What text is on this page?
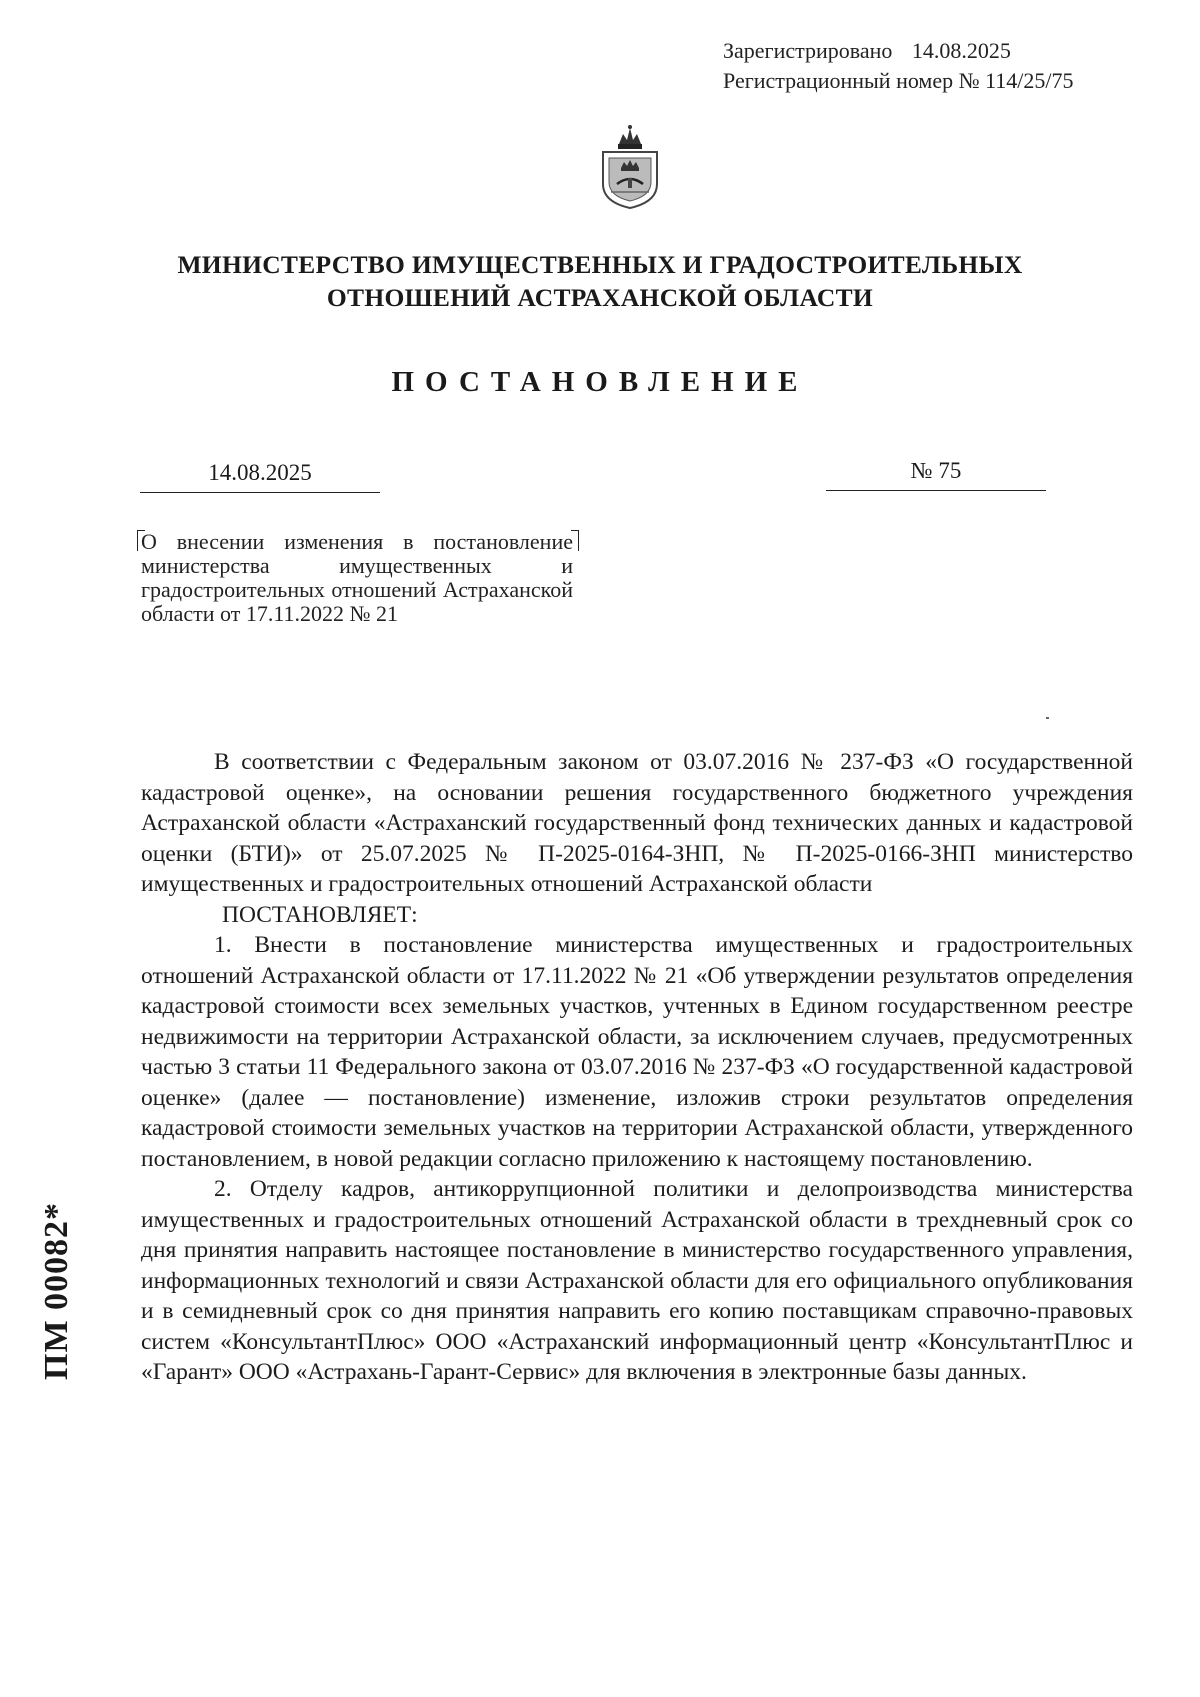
Зарегистрировано 14.08.2025
Регистрационный номер № 114/25/75
МИНИСТЕРСТВО ИМУЩЕСТВЕННЫХ И ГРАДОСТРОИТЕЛЬНЫХ
ОТНОШЕНИЙ АСТРАХАНСКОЙ ОБЛАСТИ
ПОСТАНОВЛЕНИЕ
14.08.2025	№ 75
О внесении изменения в постановление министерства имущественных и градостроительных отношений Астраханской области от 17.11.2022 № 21

В соответствии с Федеральным законом от 03.07.2016 № 237-ФЗ «О государственной кадастровой оценке», на основании решения государственного бюджетного учреждения Астраханской области «Астраханский государственный фонд технических данных и кадастровой оценки (БТИ)» от 25.07.2025 № П-2025-0164-ЗНП, № П-2025-0166-ЗНП министерство имущественных и градостроительных отношений Астраханской области

ПОСТАНОВЛЯЕТ:

1. Внести в постановление министерства имущественных и градостроительных отношений Астраханской области от 17.11.2022 № 21 «Об утверждении результатов определения кадастровой стоимости всех земельных участков, учтенных в Едином государственном реестре недвижимости на территории Астраханской области, за исключением случаев, предусмотренных частью 3 статьи 11 Федерального закона от 03.07.2016 № 237-ФЗ «О государственной кадастровой оценке» (далее — постановление) изменение, изложив строки результатов определения кадастровой стоимости земельных участков на территории Астраханской области, утвержденного постановлением, в новой редакции согласно приложению к настоящему постановлению.

2. Отделу кадров, антикоррупционной политики и делопроизводства министерства имущественных и градостроительных отношений Астраханской области в трехдневный срок со дня принятия направить настоящее постановление в министерство государственного управления, информационных технологий и связи Астраханской области для его официального опубликования и в семидневный срок со дня принятия направить его копию поставщикам справочно-правовых систем «КонсультантПлюс» ООО «Астраханский информационный центр «КонсультантПлюс и «Гарант» ООО «Астрахань-Гарант-Сервис» для включения в электронные базы данных.

ПМ 00082*
